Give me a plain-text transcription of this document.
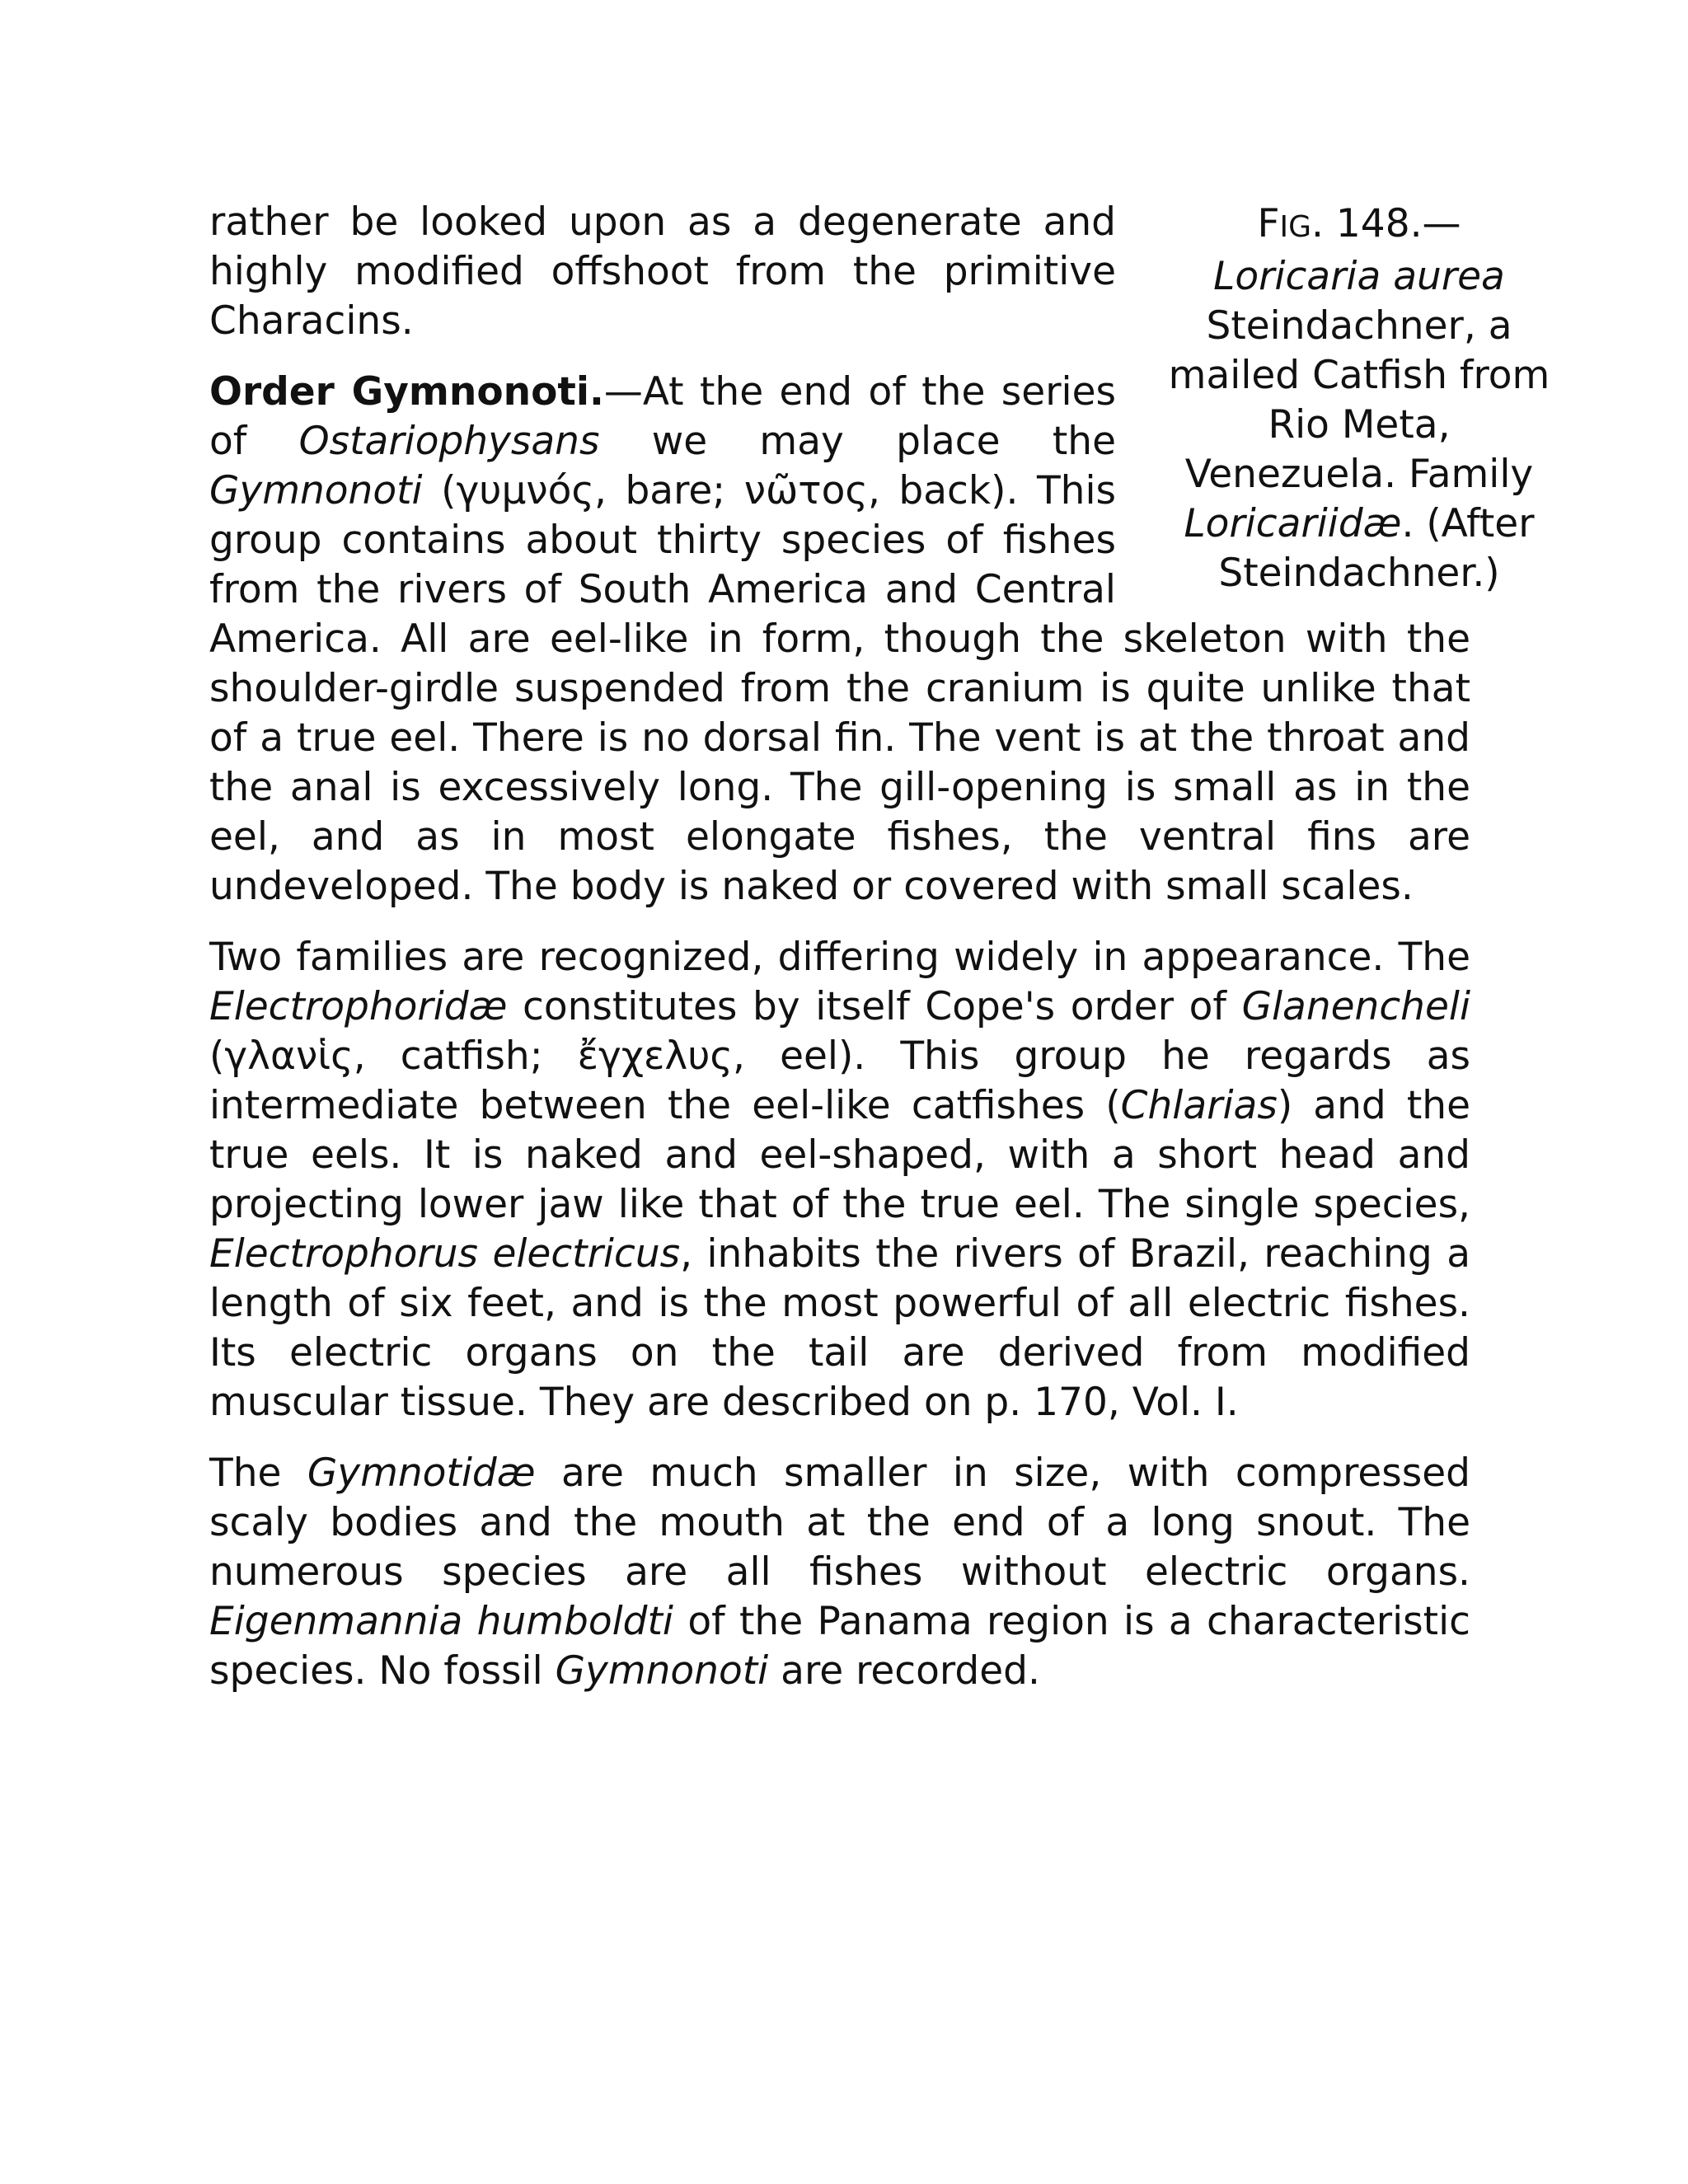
FIG. 148.—
Loricaria aurea Steindachner, a mailed Catfish from Rio Meta, Venezuela. Family Loricariidæ. (After Steindachner.)

rather be looked upon as a degenerate and highly modified offshoot from the primitive Characins.

Order Gymnonoti.—At the end of the series of Ostariophysans we may place the Gymnonoti (γυμνός, bare; νῶτος, back). This group contains about thirty species of fishes from the rivers of South America and Central America. All are eel-like in form, though the skeleton with the shoulder-girdle suspended from the cranium is quite unlike that of a true eel. There is no dorsal fin. The vent is at the throat and the anal is excessively long. The gill-opening is small as in the eel, and as in most elongate fishes, the ventral fins are undeveloped. The body is naked or covered with small scales.

Two families are recognized, differing widely in appearance. The Electrophoridæ constitutes by itself Cope's order of Glanencheli (γλανἱς, catfish; ἔγχελυς, eel). This group he regards as intermediate between the eel-like catfishes (Chlarias) and the true eels. It is naked and eel-shaped, with a short head and projecting lower jaw like that of the true eel. The single species, Electrophorus electricus, inhabits the rivers of Brazil, reaching a length of six feet, and is the most powerful of all electric fishes. Its electric organs on the tail are derived from modified muscular tissue. They are described on p. 170, Vol. I.

The Gymnotidæ are much smaller in size, with compressed scaly bodies and the mouth at the end of a long snout. The numerous species are all fishes without electric organs. Eigenmannia humboldti of the Panama region is a characteristic species. No fossil Gymnonoti are recorded.
